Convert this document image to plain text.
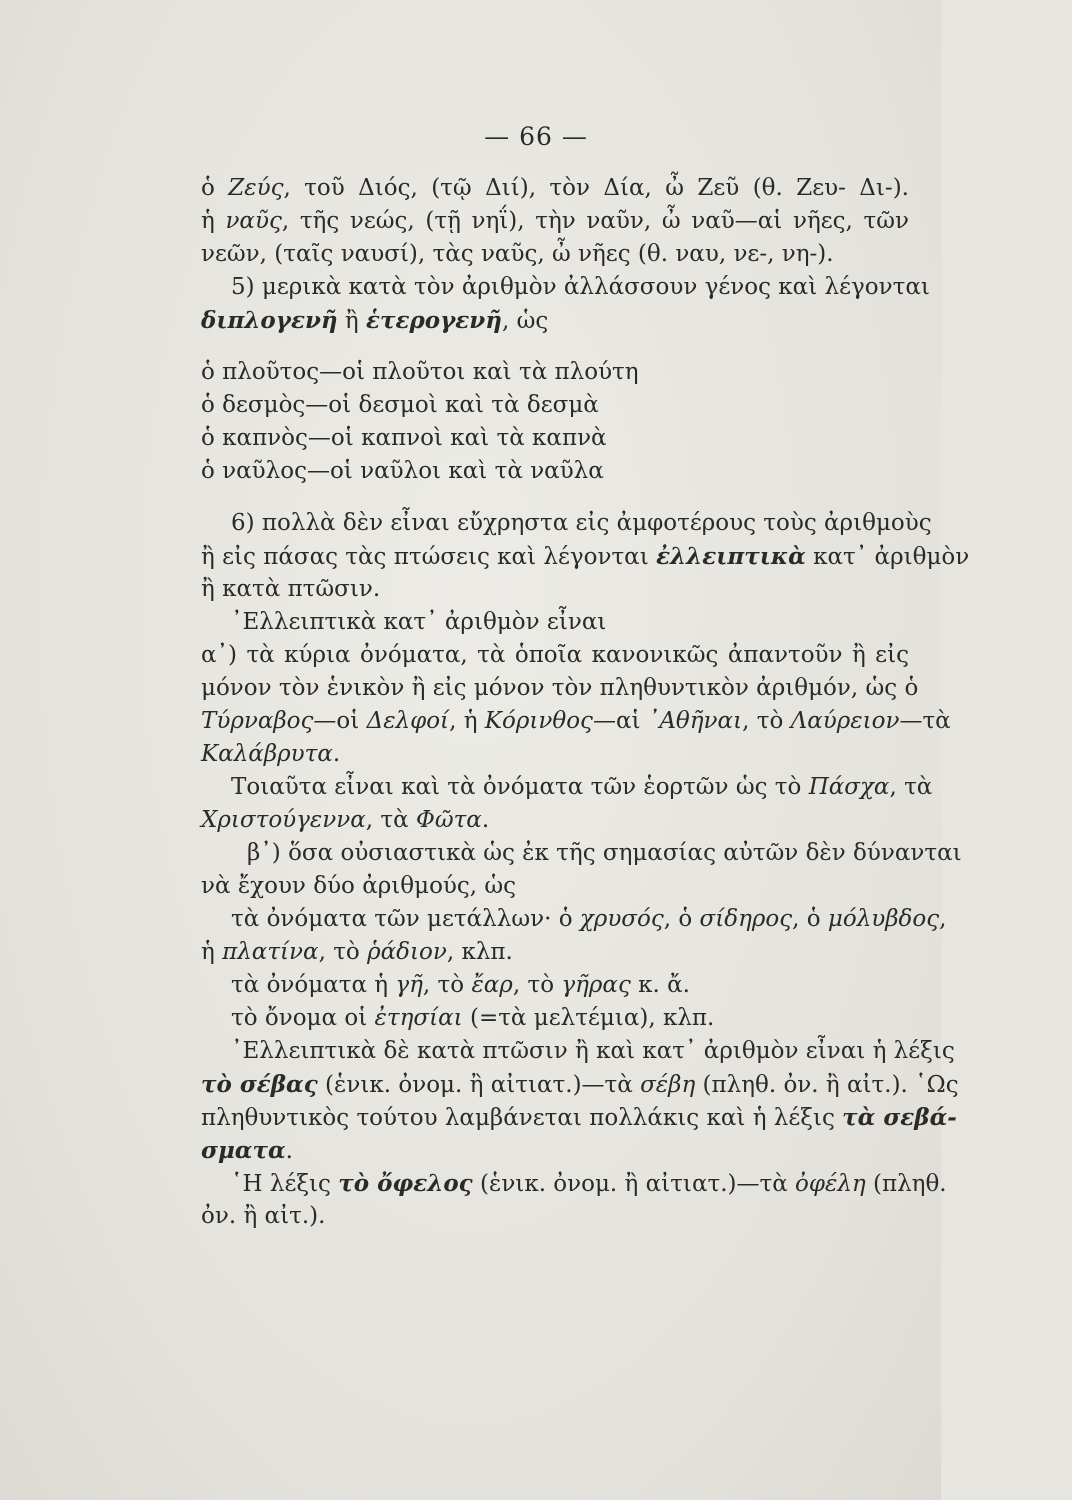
— 66 —
ὁ Ζεύς, τοῦ Διός, (τῷ Διί), τὸν Δία, ὦ Ζεῦ (θ. Ζευ- Δι-).
ἡ ναῦς, τῆς νεώς, (τῇ νηΐ), τὴν ναῦν, ὦ ναῦ—αἱ νῆες, τῶν
νεῶν, (ταῖς ναυσί), τὰς ναῦς, ὦ νῆες (θ. ναυ, νε-, νη-).
5) μερικὰ κατὰ τὸν ἀριθμὸν ἀλλάσσουν γένος καὶ λέγονται
διπλογενῆ ἢ ἑτερογενῆ, ὡς
ὁ πλοῦτος—οἱ πλοῦτοι καὶ τὰ πλούτη
ὁ δεσμὸς—οἱ δεσμοὶ καὶ τὰ δεσμὰ
ὁ καπνὸς—οἱ καπνοὶ καὶ τὰ καπνὰ
ὁ ναῦλος—οἱ ναῦλοι καὶ τὰ ναῦλα
6) πολλὰ δὲν εἶναι εὔχρηστα εἰς ἀμφοτέρους τοὺς ἀριθμοὺς
ἢ εἰς πάσας τὰς πτώσεις καὶ λέγονται ἐλλειπτικὰ κατ᾽ ἀριθμὸν
ἢ κατὰ πτῶσιν.
᾽Ελλειπτικὰ κατ᾽ ἀριθμὸν εἶναι
α᾽) τὰ κύρια ὀνόματα, τὰ ὁποῖα κανονικῶς ἀπαντοῦν ἢ εἰς
μόνον τὸν ἑνικὸν ἢ εἰς μόνον τὸν πληθυντικὸν ἀριθμόν, ὡς ὁ
Τύρναβος—οἱ Δελφοί, ἡ Κόρινθος—αἱ ᾽Αθῆναι, τὸ Λαύρειον—τὰ
Καλάβρυτα.
Τοιαῦτα εἶναι καὶ τὰ ὀνόματα τῶν ἑορτῶν ὡς τὸ Πάσχα, τὰ
Χριστούγεννα, τὰ Φῶτα.
β᾽) ὅσα οὐσιαστικὰ ὡς ἐκ τῆς σημασίας αὐτῶν δὲν δύνανται
νὰ ἔχουν δύο ἀριθμούς, ὡς
τὰ ὀνόματα τῶν μετάλλων· ὁ χρυσός, ὁ σίδηρος, ὁ μόλυβδος,
ἡ πλατίνα, τὸ ῥάδιον, κλπ.
τὰ ὀνόματα ἡ γῆ, τὸ ἔαρ, τὸ γῆρας κ. ἄ.
τὸ ὄνομα οἱ ἐτησίαι (=τὰ μελτέμια), κλπ.
᾽Ελλειπτικὰ δὲ κατὰ πτῶσιν ἢ καὶ κατ᾽ ἀριθμὸν εἶναι ἡ λέξις
τὸ σέβας (ἑνικ. ὀνομ. ἢ αἰτιατ.)—τὰ σέβη (πληθ. ὀν. ἢ αἰτ.). ῾Ως
πληθυντικὸς τούτου λαμβάνεται πολλάκις καὶ ἡ λέξις τὰ σεβά-
σματα.
῾Η λέξις τὸ ὄφελος (ἑνικ. ὀνομ. ἢ αἰτιατ.)—τὰ ὀφέλη (πληθ.
ὀν. ἢ αἰτ.).
